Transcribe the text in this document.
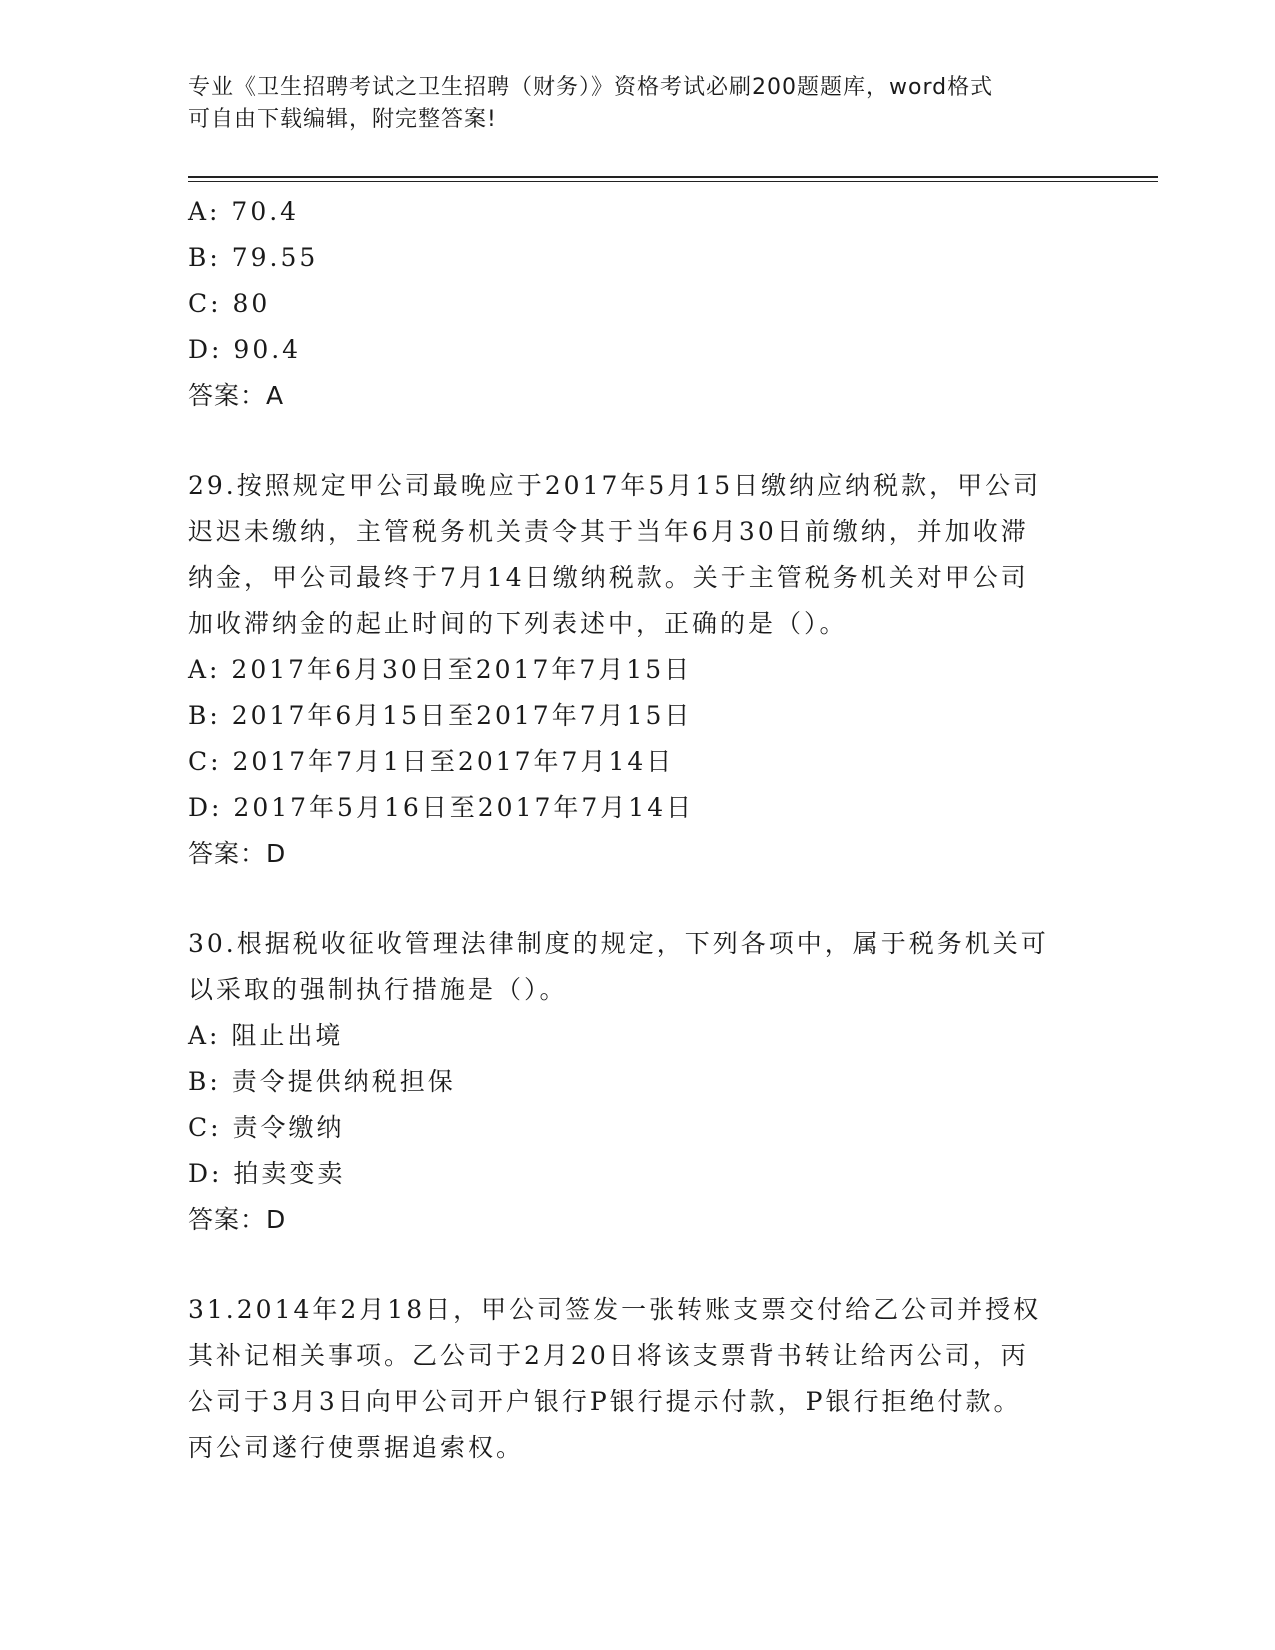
专业《卫生招聘考试之卫生招聘（财务）》资格考试必刷200题题库，word格式
可自由下载编辑，附完整答案!
A: 70.4
B: 79.55
C: 80
D: 90.4
答案：A
29.按照规定甲公司最晚应于2017年5月15日缴纳应纳税款，甲公司
迟迟未缴纳，主管税务机关责令其于当年6月30日前缴纳，并加收滞
纳金，甲公司最终于7月14日缴纳税款。关于主管税务机关对甲公司
加收滞纳金的起止时间的下列表述中，正确的是（）。
A: 2017年6月30日至2017年7月15日
B: 2017年6月15日至2017年7月15日
C: 2017年7月1日至2017年7月14日
D: 2017年5月16日至2017年7月14日
答案：D
30.根据税收征收管理法律制度的规定，下列各项中，属于税务机关可
以采取的强制执行措施是（）。
A: 阻止出境
B: 责令提供纳税担保
C: 责令缴纳
D: 拍卖变卖
答案：D
31.2014年2月18日，甲公司签发一张转账支票交付给乙公司并授权
其补记相关事项。乙公司于2月20日将该支票背书转让给丙公司，丙
公司于3月3日向甲公司开户银行P银行提示付款，P银行拒绝付款。
丙公司遂行使票据追索权。
